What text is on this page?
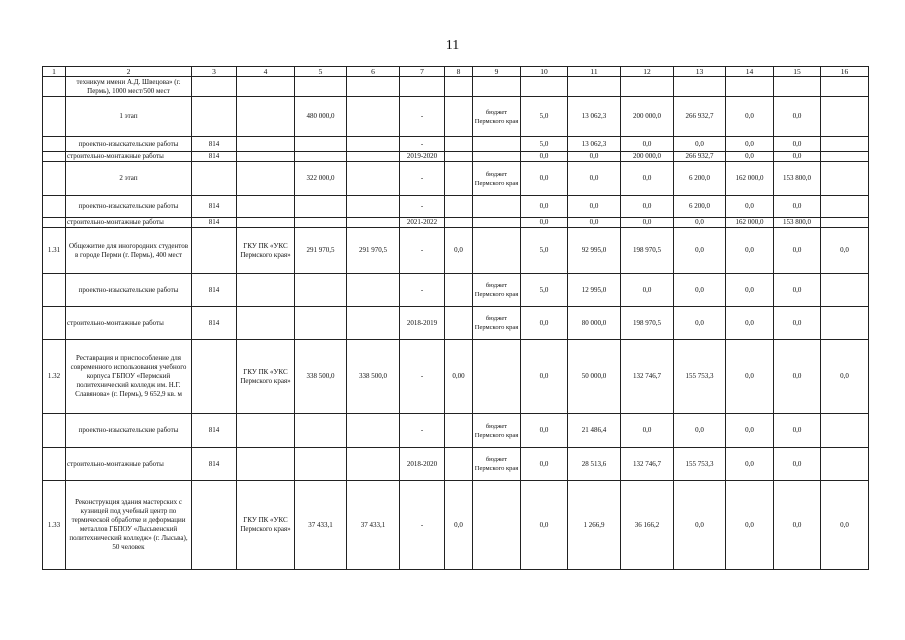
11
1	2	3	4	5	6	7	8	9	10	11	12	13	14	15	16
	техникум имени А.Д. Швецова» (г. Пермь), 1000 мест/500 мест														
	1 этап			480 000,0		-		бюджет Пермского края	5,0	13 062,3	200 000,0	266 932,7	0,0	0,0	
	проектно-изыскательские работы	814				-			5,0	13 062,3	0,0	0,0	0,0	0,0	
	строительно-монтажные работы	814				2019-2020			0,0	0,0	200 000,0	266 932,7	0,0	0,0	
	2 этап			322 000,0		-		бюджет Пермского края	0,0	0,0	0,0	6 200,0	162 000,0	153 800,0	
	проектно-изыскательские работы	814				-			0,0	0,0	0,0	6 200,0	0,0	0,0	
	строительно-монтажные работы	814				2021-2022			0,0	0,0	0,0	0,0	162 000,0	153 800,0	
1.31	Общежитие для иногородних студентов в городе Перми (г. Пермь), 400 мест		ГКУ ПК «УКС Пермского края»	291 970,5	291 970,5	-	0,0		5,0	92 995,0	198 970,5	0,0	0,0	0,0	0,0
	проектно-изыскательские работы	814				-		бюджет Пермского края	5,0	12 995,0	0,0	0,0	0,0	0,0	
	строительно-монтажные работы	814				2018-2019		бюджет Пермского края	0,0	80 000,0	198 970,5	0,0	0,0	0,0	
1.32	Реставрация и приспособление для современного использования учебного корпуса ГБПОУ «Пермский политехнический колледж им. Н.Г. Славянова» (г. Пермь), 9 652,9 кв. м		ГКУ ПК «УКС Пермского края»	338 500,0	338 500,0	-	0,00		0,0	50 000,0	132 746,7	155 753,3	0,0	0,0	0,0
	проектно-изыскательские работы	814				-		бюджет Пермского края	0,0	21 486,4	0,0	0,0	0,0	0,0	
	строительно-монтажные работы	814				2018-2020		бюджет Пермского края	0,0	28 513,6	132 746,7	155 753,3	0,0	0,0	
1.33	Реконструкция здания мастерских с кузницей под учебный центр по термической обработке и деформации металлов ГБПОУ «Лысьвенский политехнический колледж» (г. Лысьва), 50 человек		ГКУ ПК «УКС Пермского края»	37 433,1	37 433,1	-	0,0		0,0	1 266,9	36 166,2	0,0	0,0	0,0	0,0
